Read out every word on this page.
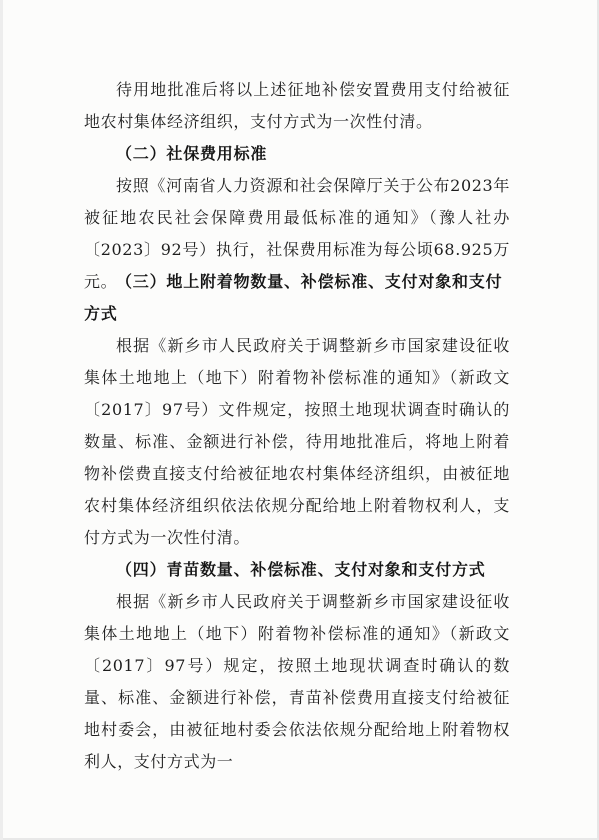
待用地批准后将以上述征地补偿安置费用支付给被征地农村集体经济组织，支付方式为一次性付清。

（二）社保费用标准

按照《河南省人力资源和社会保障厅关于公布2023年被征地农民社会保障费用最低标准的通知》（豫人社办〔2023〕92号）执行，社保费用标准为每公顷68.925万元。

（三）地上附着物数量、补偿标准、支付对象和支付方式

根据《新乡市人民政府关于调整新乡市国家建设征收集体土地地上（地下）附着物补偿标准的通知》（新政文〔2017〕97号）文件规定，按照土地现状调查时确认的数量、标准、金额进行补偿，待用地批准后，将地上附着物补偿费直接支付给被征地农村集体经济组织，由被征地农村集体经济组织依法依规分配给地上附着物权利人，支付方式为一次性付清。

（四）青苗数量、补偿标准、支付对象和支付方式

根据《新乡市人民政府关于调整新乡市国家建设征收集体土地地上（地下）附着物补偿标准的通知》（新政文〔2017〕97号）规定，按照土地现状调查时确认的数量、标准、金额进行补偿，青苗补偿费用直接支付给被征地村委会，由被征地村委会依法依规分配给地上附着物权利人，支付方式为一
